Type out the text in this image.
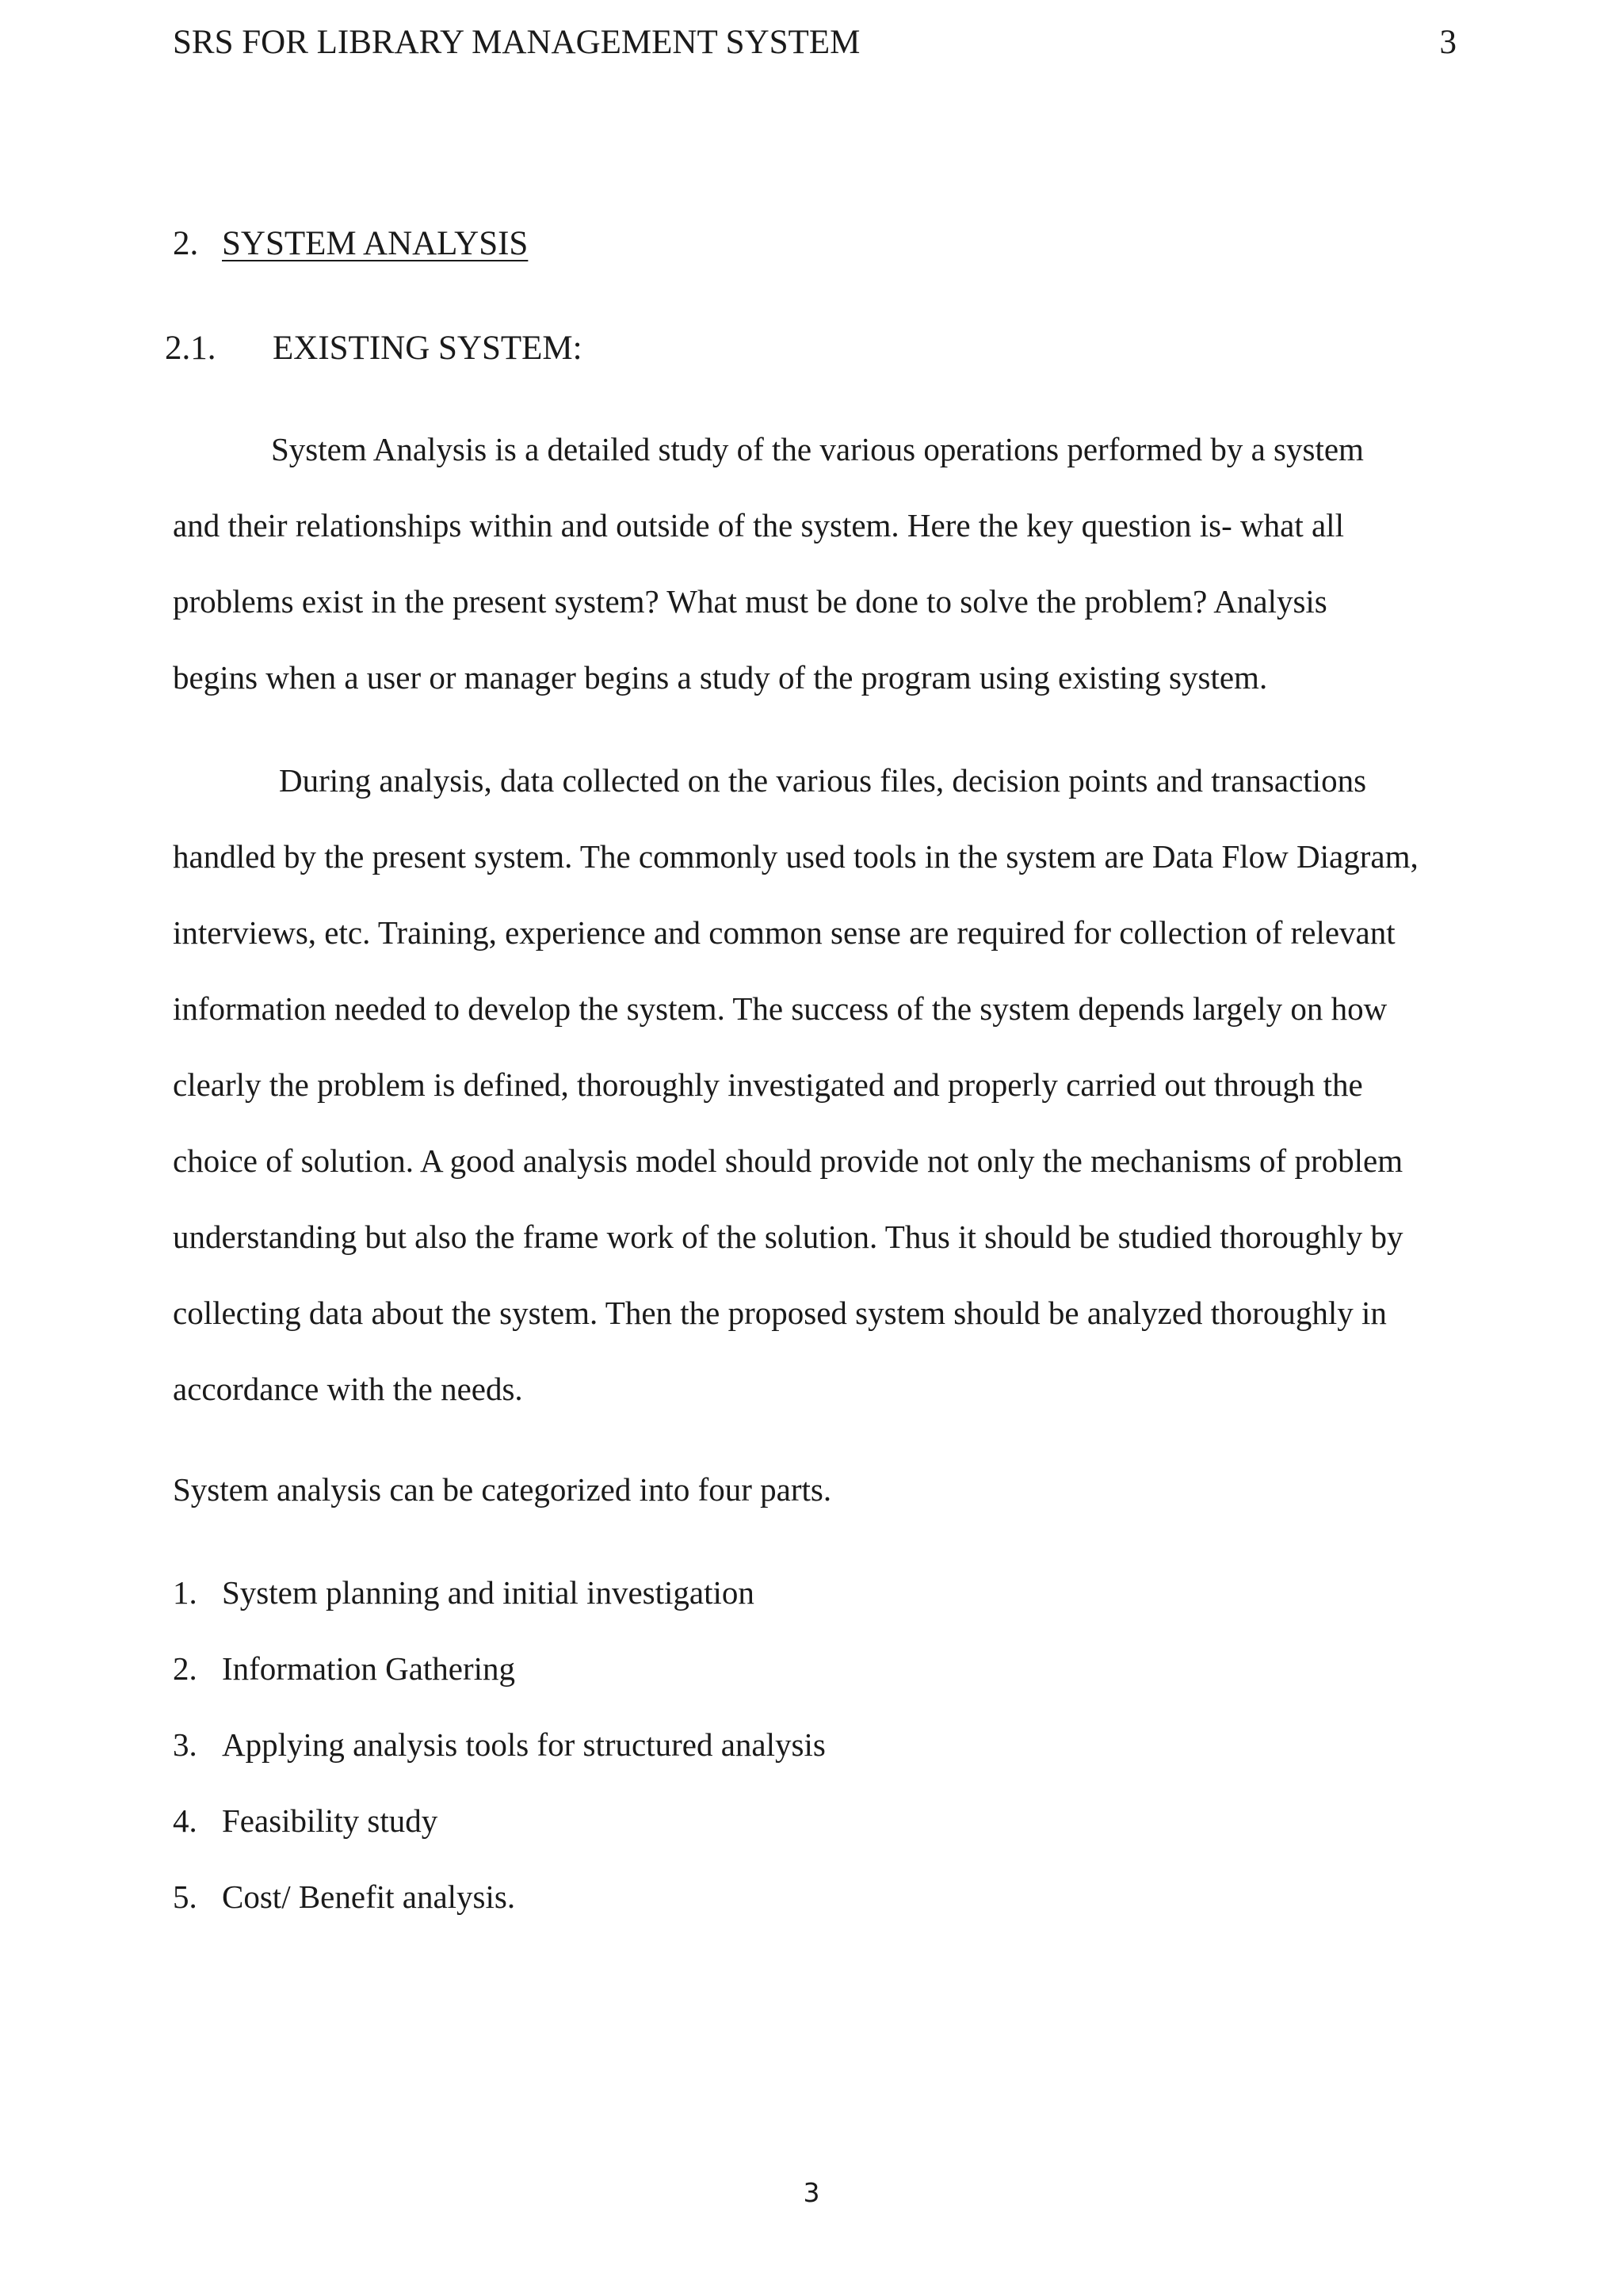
SRS FOR LIBRARY MANAGEMENT SYSTEM	3
2. SYSTEM ANALYSIS
2.1. EXISTING SYSTEM:

System Analysis is a detailed study of the various operations performed by a system
and their relationships within and outside of the system. Here the key question is- what all
problems exist in the present system? What must be done to solve the problem? Analysis
begins when a user or manager begins a study of the program using existing system.

During analysis, data collected on the various files, decision points and transactions
handled by the present system. The commonly used tools in the system are Data Flow Diagram,
interviews, etc. Training, experience and common sense are required for collection of relevant
information needed to develop the system. The success of the system depends largely on how
clearly the problem is defined, thoroughly investigated and properly carried out through the
choice of solution. A good analysis model should provide not only the mechanisms of problem
understanding but also the frame work of the solution. Thus it should be studied thoroughly by
collecting data about the system. Then the proposed system should be analyzed thoroughly in
accordance with the needs.

System analysis can be categorized into four parts.
1. System planning and initial investigation
2. Information Gathering
3. Applying analysis tools for structured analysis
4. Feasibility study
5. Cost/ Benefit analysis.
3
